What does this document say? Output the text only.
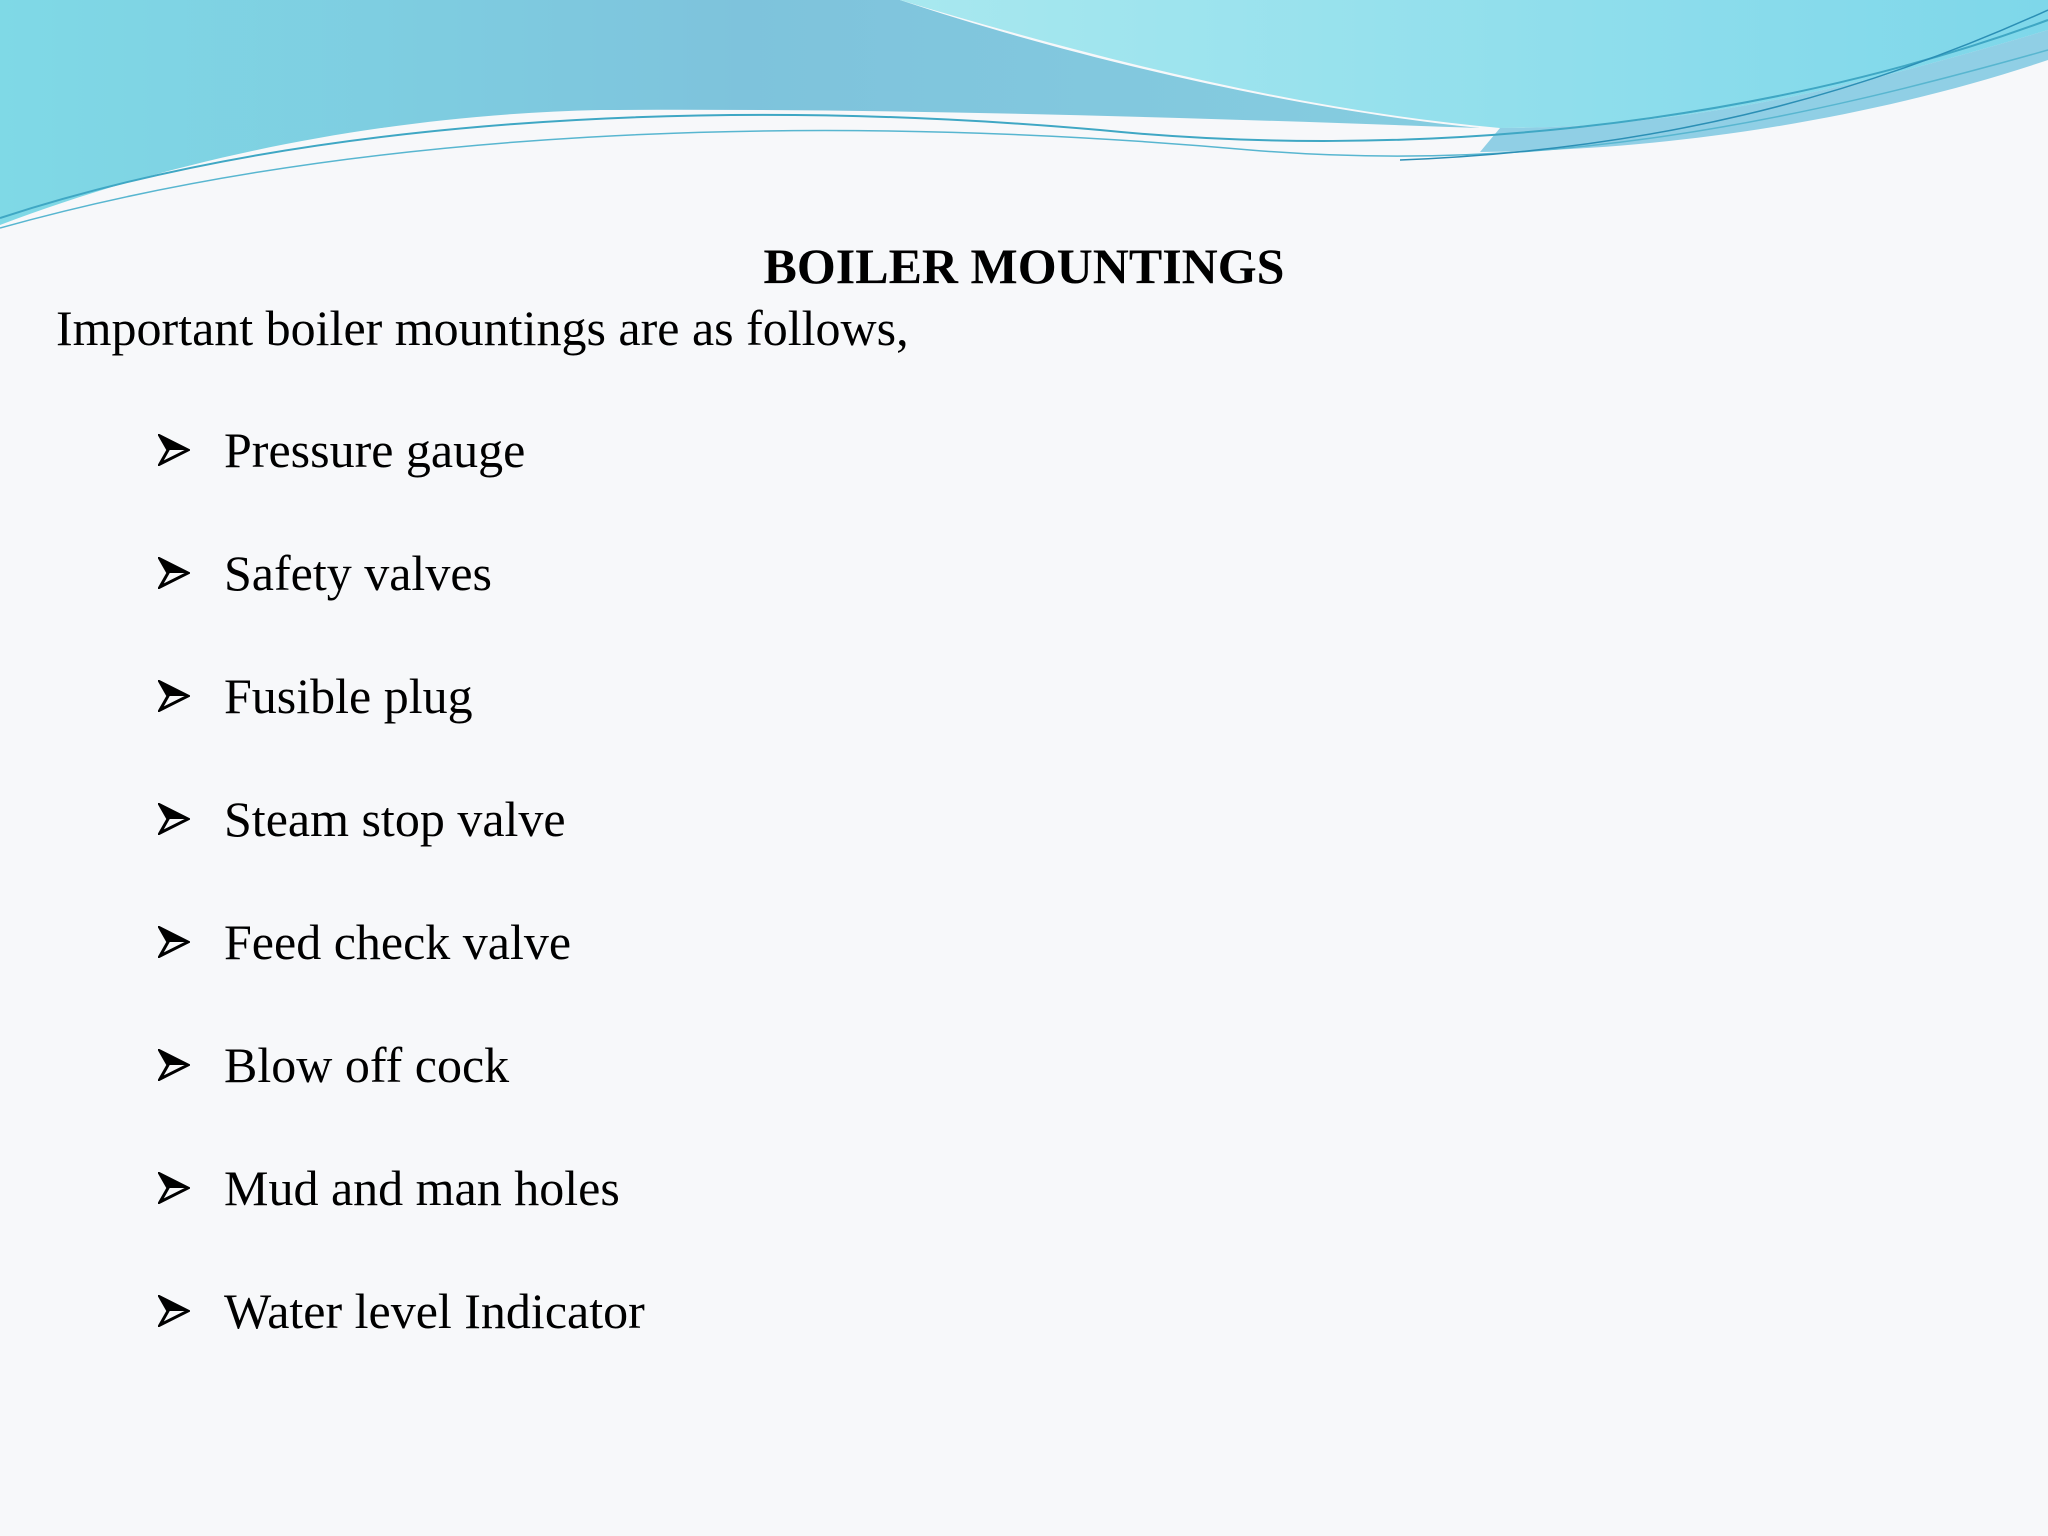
BOILER MOUNTINGS
Important boiler mountings are as follows,
Pressure gauge
Safety valves
Fusible plug
Steam stop valve
Feed check valve
Blow off cock
Mud and man holes
Water level Indicator
